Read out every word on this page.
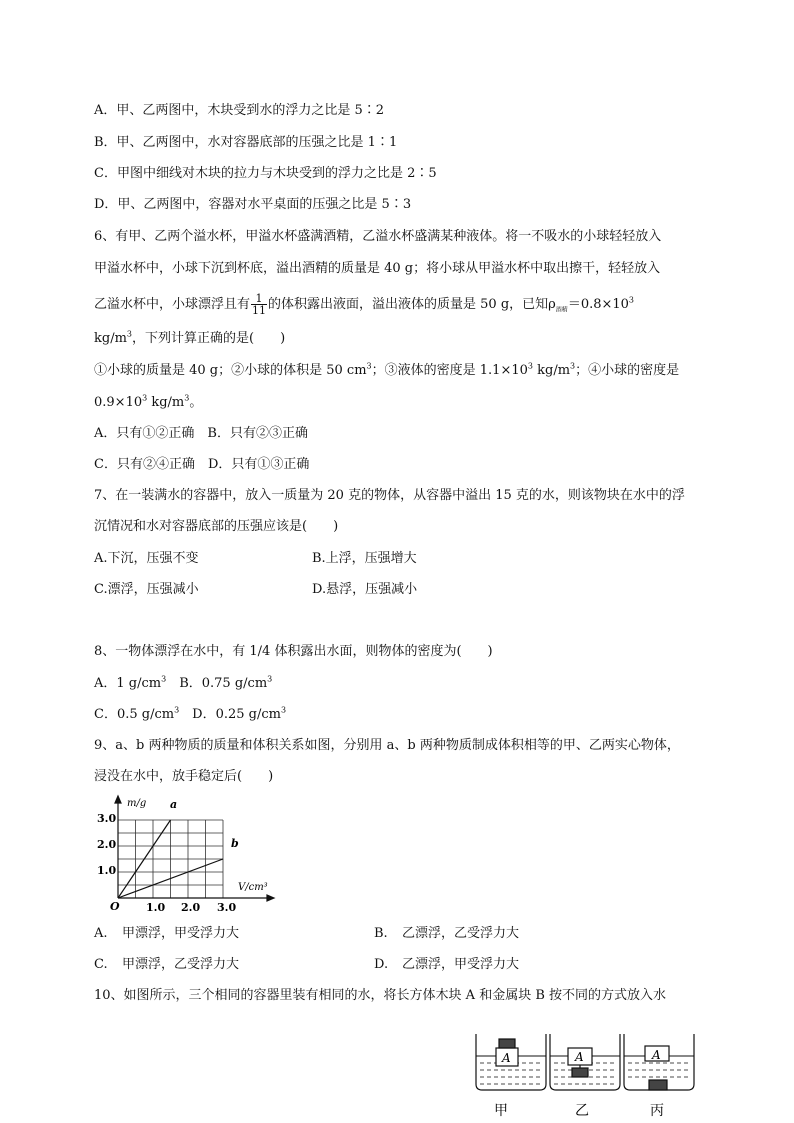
A．甲、乙两图中，木块受到水的浮力之比是 5∶2
B．甲、乙两图中，水对容器底部的压强之比是 1∶1
C．甲图中细线对木块的拉力与木块受到的浮力之比是 2∶5
D．甲、乙两图中，容器对水平桌面的压强之比是 5∶3
6、有甲、乙两个溢水杯，甲溢水杯盛满酒精，乙溢水杯盛满某种液体。将一不吸水的小球轻轻放入
甲溢水杯中，小球下沉到杯底，溢出酒精的质量是 40 g；将小球从甲溢水杯中取出擦干，轻轻放入
乙溢水杯中，小球漂浮且有 $\frac{1}{11}$ 的体积露出液面，溢出液体的质量是 50 g，已知$\rho_{酒精}=0.8\times 10^3$
$kg/m^3$，下列计算正确的是(　　)
①小球的质量是 40 g；②小球的体积是 50 $cm^3$；③液体的密度是 $1.1\times 10^3$ $kg/m^3$；④小球的密度是
$0.9\times 10^3$ $kg/m^3$。
A．只有①②正确　B．只有②③正确
C．只有②④正确　D．只有①③正确
7、在一装满水的容器中，放入一质量为 20 克的物体，从容器中溢出 15 克的水，则该物块在水中的浮
沉情况和水对容器底部的压强应该是(　　)
A.下沉，压强不变	B.上浮，压强增大
C.漂浮，压强减小	D.悬浮，压强减小
8、一物体漂浮在水中，有 1/4 体积露出水面，则物体的密度为(　　)
A．1 $g/cm^3$　B．0.75 $g/cm^3$
C．0.5 $g/cm^3$　D．0.25 $g/cm^3$
9、a、b 两种物质的质量和体积关系如图，分别用 a、b 两种物质制成体积相等的甲、乙两实心物体，
浸没在水中，放手稳定后(　　)
m/g
V/cm³
O
3.0
2.0
1.0
1.0 2.0 3.0
a
b
A. 甲漂浮，甲受浮力大	B. 乙漂浮，乙受浮力大
C. 甲漂浮，乙受浮力大	D. 乙漂浮，甲受浮力大
10、如图所示，三个相同的容器里装有相同的水，将长方体木块 A 和金属块 B 按不同的方式放入水
A	A	A
甲	乙	丙
